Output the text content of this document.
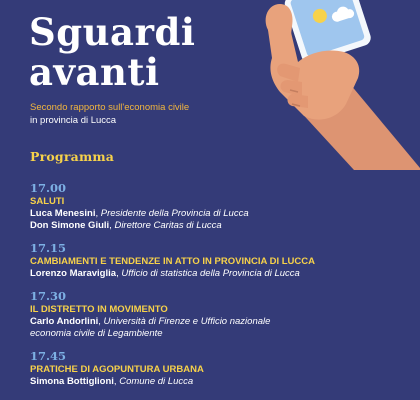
Sguardi
avanti
Secondo rapporto sull'economia civile
in provincia di Lucca
Programma
17.00
SALUTI
Luca Menesini, Presidente della Provincia di Lucca
Don Simone Giuli, Direttore Caritas di Lucca
17.15
CAMBIAMENTI E TENDENZE IN ATTO IN PROVINCIA DI LUCCA
Lorenzo Maraviglia, Ufficio di statistica della Provincia di Lucca
17.30
IL DISTRETTO IN MOVIMENTO
Carlo Andorlini, Università di Firenze e Ufficio nazionale
economia civile di Legambiente
17.45
PRATICHE DI AGOPUNTURA URBANA
Simona Bottiglioni, Comune di Lucca
